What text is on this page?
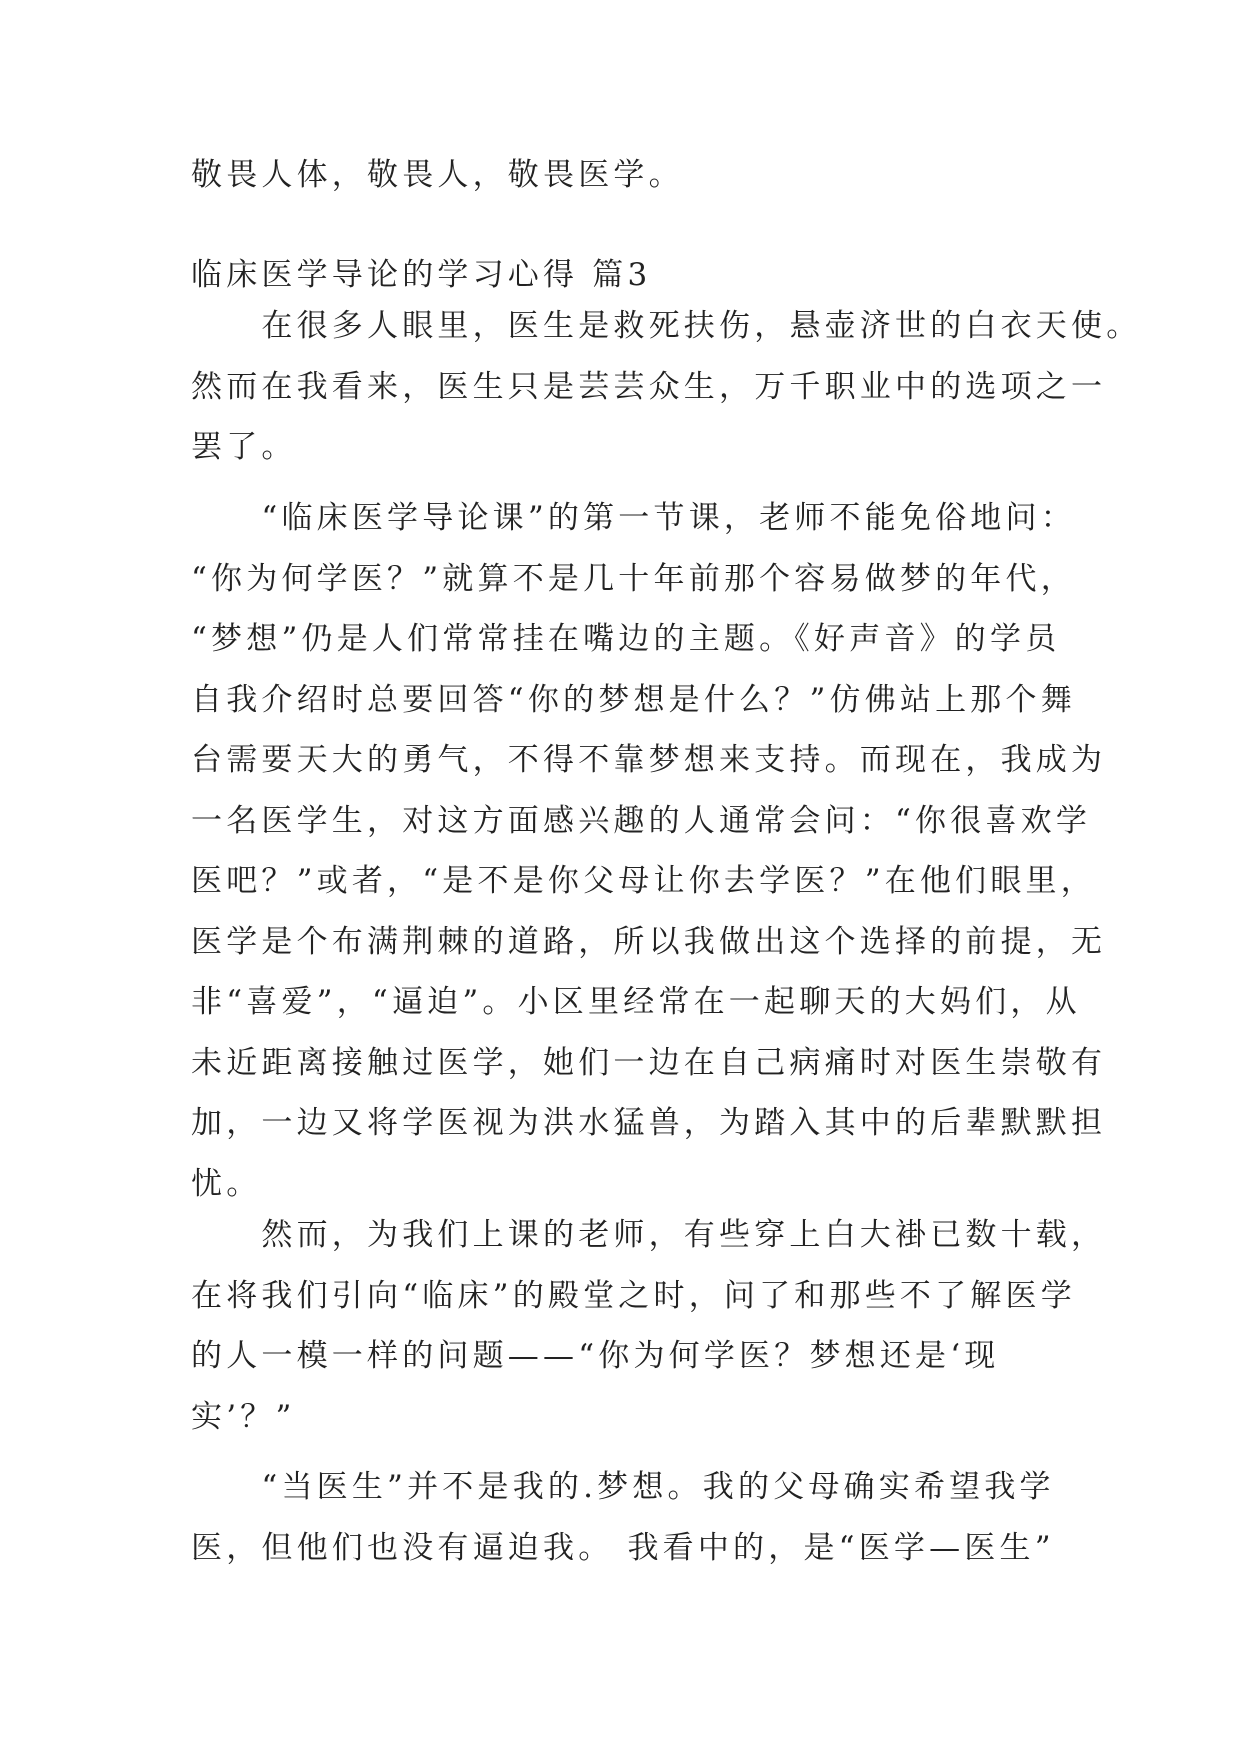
敬畏人体，敬畏人，敬畏医学。

临床医学导论的学习心得 篇3

　　在很多人眼里，医生是救死扶伤，悬壶济世的白衣天使。
然而在我看来，医生只是芸芸众生，万千职业中的选项之一
罢了。

　　“临床医学导论课”的第一节课，老师不能免俗地问：
“你为何学医？”就算不是几十年前那个容易做梦的年代，
“梦想”仍是人们常常挂在嘴边的主题。《好声音》的学员
自我介绍时总要回答“你的梦想是什么？”仿佛站上那个舞
台需要天大的勇气，不得不靠梦想来支持。而现在，我成为
一名医学生，对这方面感兴趣的人通常会问：“你很喜欢学
医吧？”或者，“是不是你父母让你去学医？”在他们眼里，
医学是个布满荆棘的道路，所以我做出这个选择的前提，无
非“喜爱”，“逼迫”。小区里经常在一起聊天的大妈们，从
未近距离接触过医学，她们一边在自己病痛时对医生崇敬有
加，一边又将学医视为洪水猛兽，为踏入其中的后辈默默担
忧。

　　然而，为我们上课的老师，有些穿上白大褂已数十载，
在将我们引向“临床”的殿堂之时，问了和那些不了解医学
的人一模一样的问题——“你为何学医？梦想还是‘现
实’？”

　　“当医生”并不是我的.梦想。我的父母确实希望我学
医，但他们也没有逼迫我。 我看中的，是“医学—医生”
